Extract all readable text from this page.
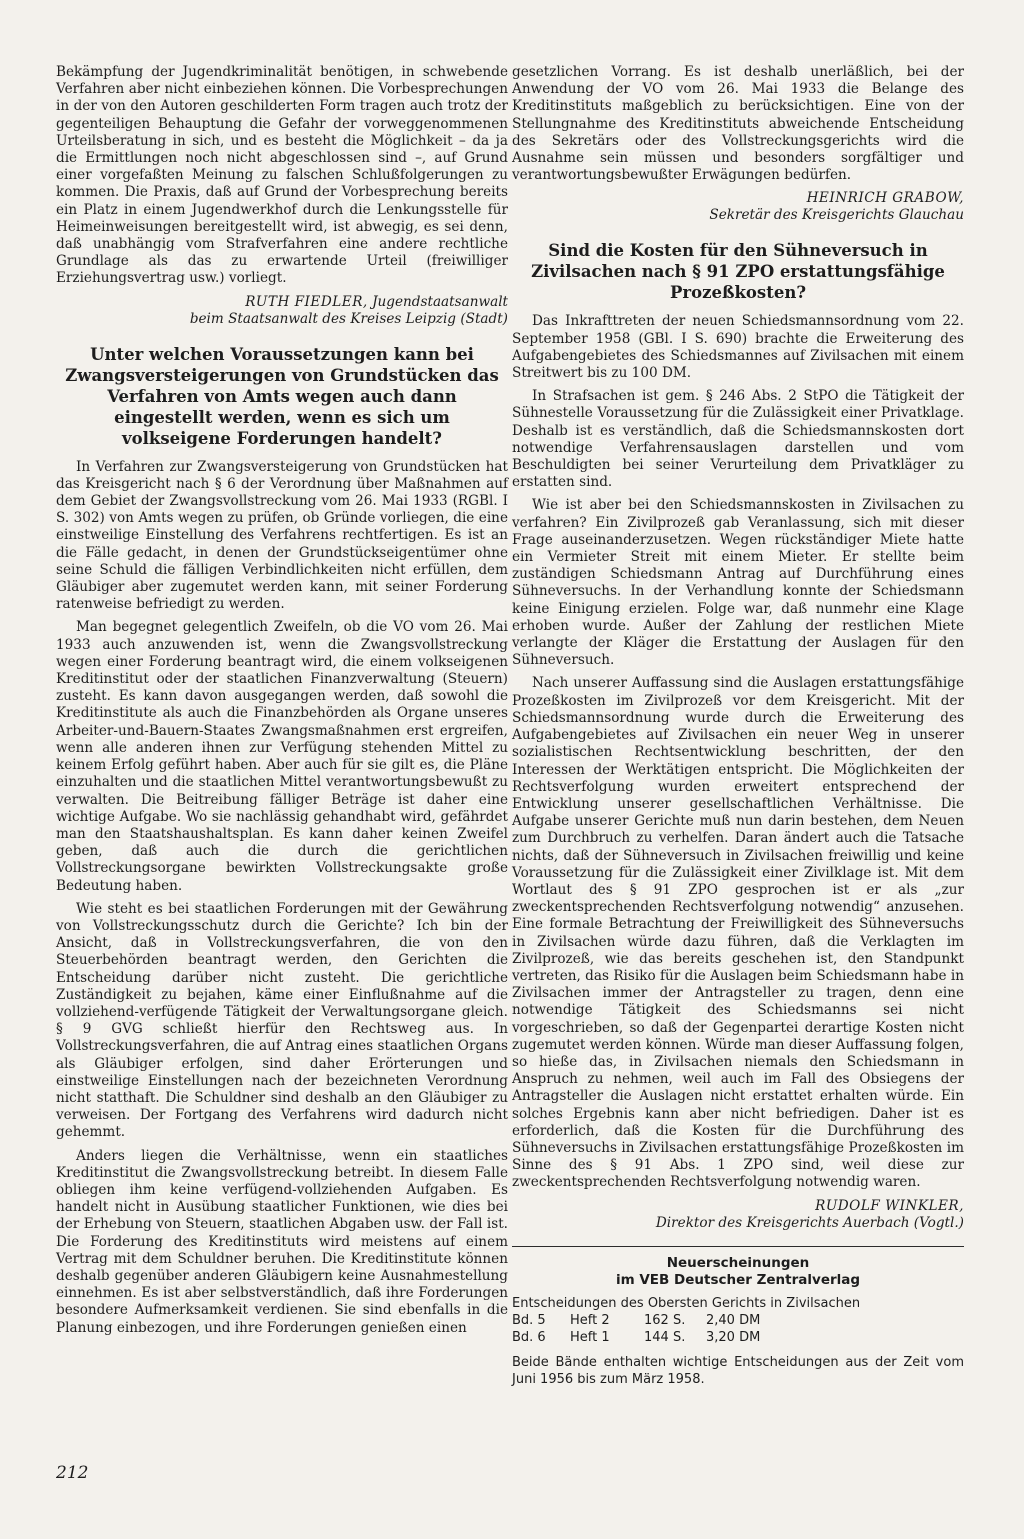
Bekämpfung der Jugendkriminalität benötigen, in schwebende Verfahren aber nicht einbeziehen können. Die Vorbesprechungen in der von den Autoren geschilderten Form tragen auch trotz der gegenteiligen Behauptung die Gefahr der vorweggenommenen Urteilsberatung in sich, und es besteht die Möglichkeit – da ja die Ermittlungen noch nicht abgeschlossen sind –, auf Grund einer vorgefaßten Meinung zu falschen Schlußfolgerungen zu kommen. Die Praxis, daß auf Grund der Vorbesprechung bereits ein Platz in einem Jugendwerkhof durch die Lenkungsstelle für Heimeinweisungen bereitgestellt wird, ist abwegig, es sei denn, daß unabhängig vom Strafverfahren eine andere rechtliche Grundlage als das zu erwartende Urteil (freiwilliger Erziehungsvertrag usw.) vorliegt.

RUTH FIEDLER, Jugendstaatsanwalt
beim Staatsanwalt des Kreises Leipzig (Stadt)
Unter welchen Voraussetzungen kann bei Zwangsversteigerungen von Grundstücken das Verfahren von Amts wegen auch dann eingestellt werden, wenn es sich um volkseigene Forderungen handelt?

In Verfahren zur Zwangsversteigerung von Grundstücken hat das Kreisgericht nach § 6 der Verordnung über Maßnahmen auf dem Gebiet der Zwangsvollstreckung vom 26. Mai 1933 (RGBl. I S. 302) von Amts wegen zu prüfen, ob Gründe vorliegen, die eine einstweilige Einstellung des Verfahrens rechtfertigen. Es ist an die Fälle gedacht, in denen der Grundstückseigentümer ohne seine Schuld die fälligen Verbindlichkeiten nicht erfüllen, dem Gläubiger aber zugemutet werden kann, mit seiner Forderung ratenweise befriedigt zu werden.

Man begegnet gelegentlich Zweifeln, ob die VO vom 26. Mai 1933 auch anzuwenden ist, wenn die Zwangsvollstreckung wegen einer Forderung beantragt wird, die einem volkseigenen Kreditinstitut oder der staatlichen Finanzverwaltung (Steuern) zusteht. Es kann davon ausgegangen werden, daß sowohl die Kreditinstitute als auch die Finanzbehörden als Organe unseres Arbeiter-und-Bauern-Staates Zwangsmaßnahmen erst ergreifen, wenn alle anderen ihnen zur Verfügung stehenden Mittel zu keinem Erfolg geführt haben. Aber auch für sie gilt es, die Pläne einzuhalten und die staatlichen Mittel verantwortungsbewußt zu verwalten. Die Beitreibung fälliger Beträge ist daher eine wichtige Aufgabe. Wo sie nachlässig gehandhabt wird, gefährdet man den Staatshaushaltsplan. Es kann daher keinen Zweifel geben, daß auch die durch die gerichtlichen Vollstreckungsorgane bewirkten Vollstreckungsakte große Bedeutung haben.

Wie steht es bei staatlichen Forderungen mit der Gewährung von Vollstreckungsschutz durch die Gerichte? Ich bin der Ansicht, daß in Vollstreckungsverfahren, die von den Steuerbehörden beantragt werden, den Gerichten die Entscheidung darüber nicht zusteht. Die gerichtliche Zuständigkeit zu bejahen, käme einer Einflußnahme auf die vollziehend-verfügende Tätigkeit der Verwaltungsorgane gleich. § 9 GVG schließt hierfür den Rechtsweg aus. In Vollstreckungsverfahren, die auf Antrag eines staatlichen Organs als Gläubiger erfolgen, sind daher Erörterungen und einstweilige Einstellungen nach der bezeichneten Verordnung nicht statthaft. Die Schuldner sind deshalb an den Gläubiger zu verweisen. Der Fortgang des Verfahrens wird dadurch nicht gehemmt.

Anders liegen die Verhältnisse, wenn ein staatliches Kreditinstitut die Zwangsvollstreckung betreibt. In diesem Falle obliegen ihm keine verfügend-vollziehenden Aufgaben. Es handelt nicht in Ausübung staatlicher Funktionen, wie dies bei der Erhebung von Steuern, staatlichen Abgaben usw. der Fall ist. Die Forderung des Kreditinstituts wird meistens auf einem Vertrag mit dem Schuldner beruhen. Die Kreditinstitute können deshalb gegenüber anderen Gläubigern keine Ausnahmestellung einnehmen. Es ist aber selbstverständlich, daß ihre Forderungen besondere Aufmerksamkeit verdienen. Sie sind ebenfalls in die Planung einbezogen, und ihre Forderungen genießen einen

gesetzlichen Vorrang. Es ist deshalb unerläßlich, bei der Anwendung der VO vom 26. Mai 1933 die Belange des Kreditinstituts maßgeblich zu berücksichtigen. Eine von der Stellungnahme des Kreditinstituts abweichende Entscheidung des Sekretärs oder des Vollstreckungsgerichts wird die Ausnahme sein müssen und besonders sorgfältiger und verantwortungsbewußter Erwägungen bedürfen.

HEINRICH GRABOW,
Sekretär des Kreisgerichts Glauchau
Sind die Kosten für den Sühneversuch in Zivilsachen nach § 91 ZPO erstattungsfähige Prozeßkosten?

Das Inkrafttreten der neuen Schiedsmannsordnung vom 22. September 1958 (GBl. I S. 690) brachte die Erweiterung des Aufgabengebietes des Schiedsmannes auf Zivilsachen mit einem Streitwert bis zu 100 DM.

In Strafsachen ist gem. § 246 Abs. 2 StPO die Tätigkeit der Sühnestelle Voraussetzung für die Zulässigkeit einer Privatklage. Deshalb ist es verständlich, daß die Schiedsmannskosten dort notwendige Verfahrensauslagen darstellen und vom Beschuldigten bei seiner Verurteilung dem Privatkläger zu erstatten sind.

Wie ist aber bei den Schiedsmannskosten in Zivilsachen zu verfahren? Ein Zivilprozeß gab Veranlassung, sich mit dieser Frage auseinanderzusetzen. Wegen rückständiger Miete hatte ein Vermieter Streit mit einem Mieter. Er stellte beim zuständigen Schiedsmann Antrag auf Durchführung eines Sühneversuchs. In der Verhandlung konnte der Schiedsmann keine Einigung erzielen. Folge war, daß nunmehr eine Klage erhoben wurde. Außer der Zahlung der restlichen Miete verlangte der Kläger die Erstattung der Auslagen für den Sühneversuch.

Nach unserer Auffassung sind die Auslagen erstattungsfähige Prozeßkosten im Zivilprozeß vor dem Kreisgericht. Mit der Schiedsmannsordnung wurde durch die Erweiterung des Aufgabengebietes auf Zivilsachen ein neuer Weg in unserer sozialistischen Rechtsentwicklung beschritten, der den Interessen der Werktätigen entspricht. Die Möglichkeiten der Rechtsverfolgung wurden erweitert entsprechend der Entwicklung unserer gesellschaftlichen Verhältnisse. Die Aufgabe unserer Gerichte muß nun darin bestehen, dem Neuen zum Durchbruch zu verhelfen. Daran ändert auch die Tatsache nichts, daß der Sühneversuch in Zivilsachen freiwillig und keine Voraussetzung für die Zulässigkeit einer Zivilklage ist. Mit dem Wortlaut des § 91 ZPO gesprochen ist er als „zur zweckentsprechenden Rechtsverfolgung notwendig“ anzusehen. Eine formale Betrachtung der Freiwilligkeit des Sühneversuchs in Zivilsachen würde dazu führen, daß die Verklagten im Zivilprozeß, wie das bereits geschehen ist, den Standpunkt vertreten, das Risiko für die Auslagen beim Schiedsmann habe in Zivilsachen immer der Antragsteller zu tragen, denn eine notwendige Tätigkeit des Schiedsmanns sei nicht vorgeschrieben, so daß der Gegenpartei derartige Kosten nicht zugemutet werden können. Würde man dieser Auffassung folgen, so hieße das, in Zivilsachen niemals den Schiedsmann in Anspruch zu nehmen, weil auch im Fall des Obsiegens der Antragsteller die Auslagen nicht erstattet erhalten würde. Ein solches Ergebnis kann aber nicht befriedigen. Daher ist es erforderlich, daß die Kosten für die Durchführung des Sühneversuchs in Zivilsachen erstattungsfähige Prozeßkosten im Sinne des § 91 Abs. 1 ZPO sind, weil diese zur zweckentsprechenden Rechtsverfolgung notwendig waren.

RUDOLF WINKLER,
Direktor des Kreisgerichts Auerbach (Vogtl.)
Neuerscheinungen
im VEB Deutscher Zentralverlag
Entscheidungen des Obersten Gerichts in Zivilsachen
Bd. 5	Heft 2	162 S.	2,40 DM
Bd. 6	Heft 1	144 S.	3,20 DM
Beide Bände enthalten wichtige Entscheidungen aus der Zeit vom Juni 1956 bis zum März 1958.
212
